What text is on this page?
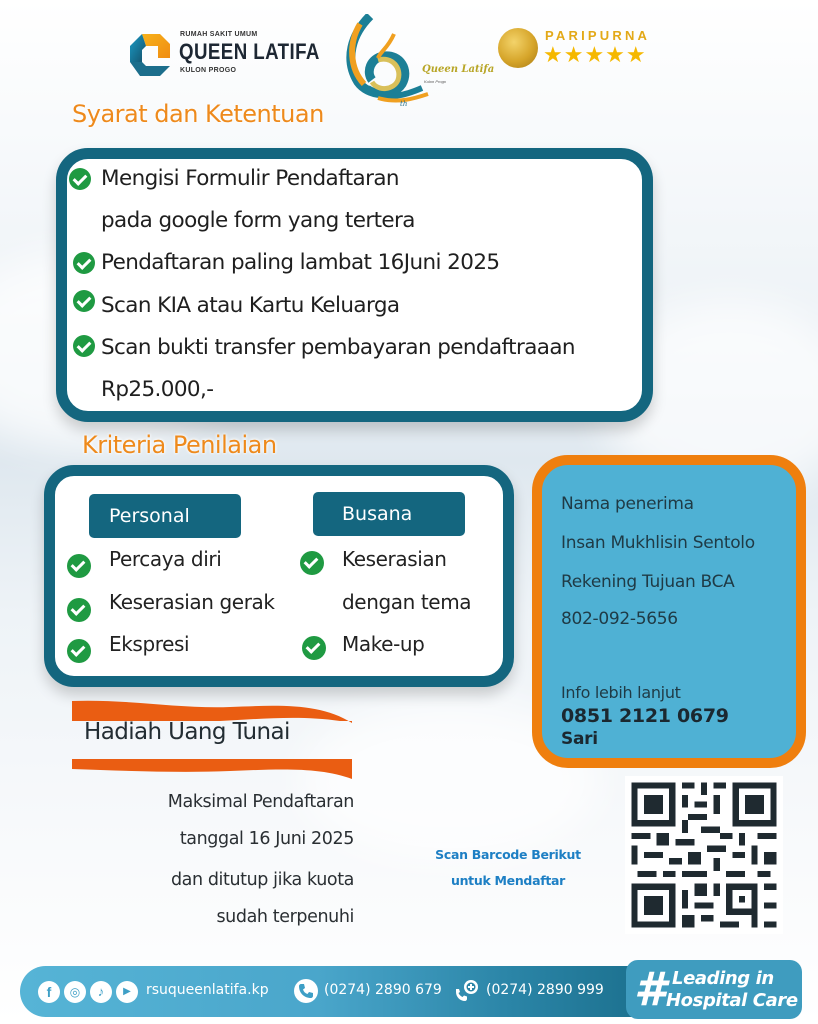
RUMAH SAKIT UMUM
QUEEN LATIFA
KULON PROGO	Queen Latifa
Kulon Progo
th
PARIPURNA
★★★★★
Syarat dan Ketentuan
Mengisi Formulir Pendaftaran
pada google form yang tertera
Pendaftaran paling lambat 16Juni 2025
Scan KIA atau Kartu Keluarga
Scan bukti transfer pembayaran pendaftraaan
Rp25.000,-
Kriteria Penilaian
Personal	Busana
Percaya diri
Keserasian gerak
Ekspresi
Keserasian
dengan tema
Make-up
Nama penerima
Insan Mukhlisin Sentolo
Rekening Tujuan BCA
802-092-5656
Info lebih lanjut
0851 2121 0679
Sari
Hadiah Uang Tunai
Maksimal Pendaftaran
tanggal 16 Juni 2025
dan ditutup jika kuota
sudah terpenuhi
Scan Barcode Berikut
untuk Mendaftar
f	◎	♪	▶	rsuqueenlatifa.kp	(0274) 2890 679	(0274) 2890 999 # Leading in
Hospital Care
